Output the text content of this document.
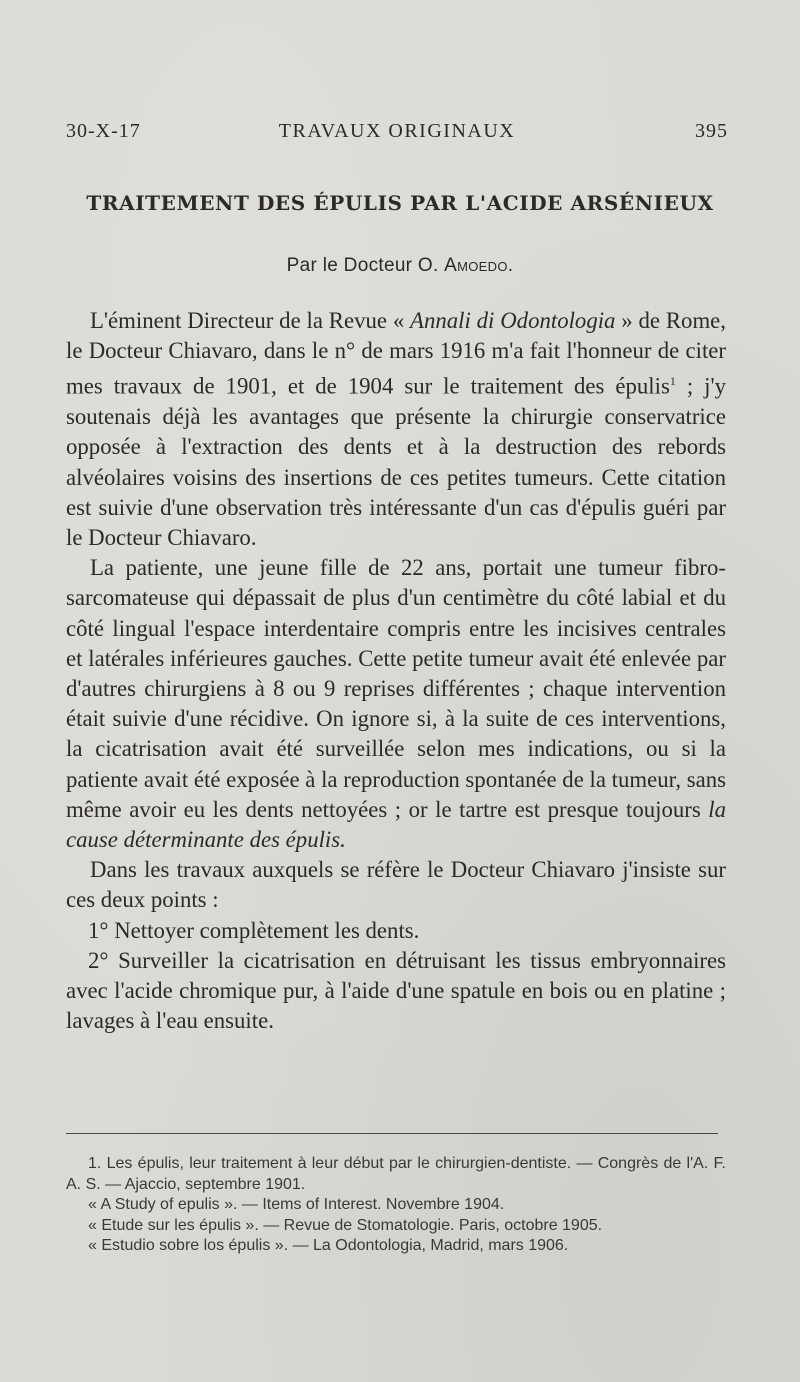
30-X-17	TRAVAUX ORIGINAUX	395
TRAITEMENT DES ÉPULIS PAR L'ACIDE ARSÉNIEUX
Par le Docteur O. Amoedo.

L'éminent Directeur de la Revue « Annali di Odontologia » de Rome, le Docteur Chiavaro, dans le n° de mars 1916 m'a fait l'honneur de citer mes travaux de 1901, et de 1904 sur le traitement des épulis$^1$ ; j'y soutenais déjà les avantages que présente la chirurgie conservatrice opposée à l'extraction des dents et à la destruction des rebords alvéolaires voisins des insertions de ces petites tumeurs. Cette citation est suivie d'une observation très intéressante d'un cas d'épulis guéri par le Docteur Chiavaro.

La patiente, une jeune fille de 22 ans, portait une tumeur fibro-sarcomateuse qui dépassait de plus d'un centimètre du côté labial et du côté lingual l'espace interdentaire compris entre les incisives centrales et latérales inférieures gauches. Cette petite tumeur avait été enlevée par d'autres chirurgiens à 8 ou 9 reprises différentes ; chaque intervention était suivie d'une récidive. On ignore si, à la suite de ces interventions, la cicatrisation avait été surveillée selon mes indications, ou si la patiente avait été exposée à la reproduction spontanée de la tumeur, sans même avoir eu les dents nettoyées ; or le tartre est presque toujours la cause déterminante des épulis.

Dans les travaux auxquels se réfère le Docteur Chiavaro j'insiste sur ces deux points :

1° Nettoyer complètement les dents.

2° Surveiller la cicatrisation en détruisant les tissus embryonnaires avec l'acide chromique pur, à l'aide d'une spatule en bois ou en platine ; lavages à l'eau ensuite.

1. Les épulis, leur traitement à leur début par le chirurgien-dentiste. — Congrès de l'A. F. A. S. — Ajaccio, septembre 1901.

« A Study of epulis ». — Items of Interest. Novembre 1904.

« Etude sur les épulis ». — Revue de Stomatologie. Paris, octobre 1905.

« Estudio sobre los épulis ». — La Odontologia, Madrid, mars 1906.
